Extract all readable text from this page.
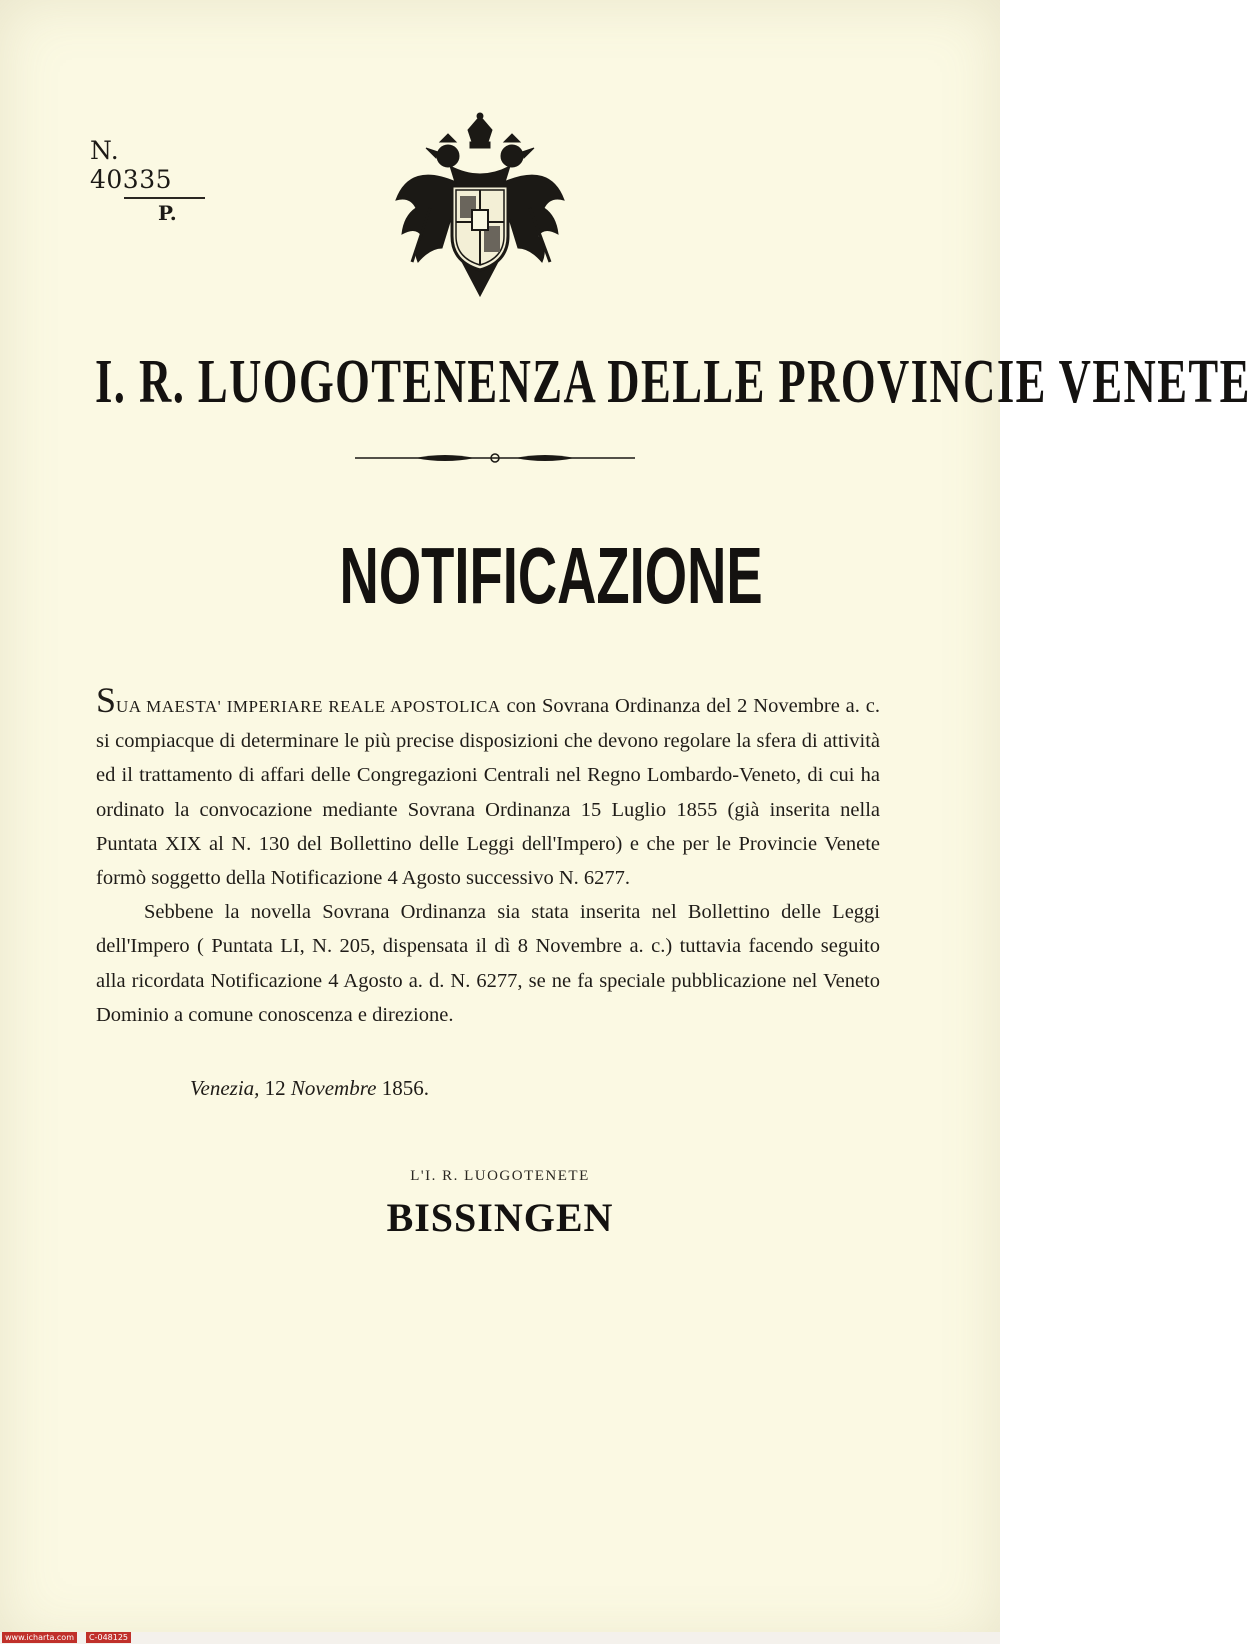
N. 40335
P.
I. R. LUOGOTENENZA DELLE PROVINCIE VENETE
NOTIFICAZIONE

SUA MAESTA' IMPERIARE REALE APOSTOLICA con Sovrana Ordinanza del 2 Novembre a. c. si compiacque di determinare le più precise disposizioni che devono regolare la sfera di attività ed il trattamento di affari delle Congregazioni Centrali nel Regno Lombardo-Veneto, di cui ha ordinato la convocazione mediante Sovrana Ordinanza 15 Luglio 1855 (già inserita nella Puntata XIX al N. 130 del Bollettino delle Leggi dell'Impero) e che per le Provincie Venete formò soggetto della Notificazione 4 Agosto successivo N. 6277.

Sebbene la novella Sovrana Ordinanza sia stata inserita nel Bollettino delle Leggi dell'Impero ( Puntata LI, N. 205, dispensata il dì 8 Novembre a. c.) tuttavia facendo seguito alla ricordata Notificazione 4 Agosto a. d. N. 6277, se ne fa speciale pubblicazione nel Veneto Dominio a comune conoscenza e direzione.

Venezia, 12 Novembre 1856.
L'I. R. LUOGOTENETE
BISSINGEN
www.icharta.com	C-048125
